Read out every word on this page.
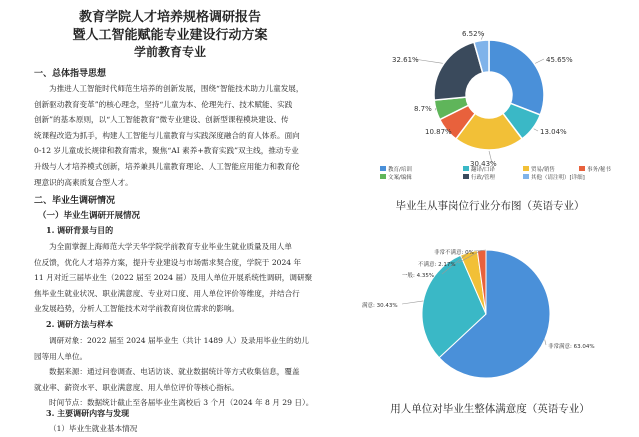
教育学院人才培养规格调研报告
暨人工智能赋能专业建设行动方案
学前教育专业
一、总体指导思想
为推进人工智能时代师范生培养的创新发展，围绕“智能技术助力儿童发展，
创新驱动教育变革”的核心理念，坚持“儿童为本、伦理先行、技术赋能、实践
创新”的基本原则，以“人工智能教育”微专业建设、创新型课程模块建设、传
统课程改造为抓手，构建人工智能与儿童教育与实践深度融合的育人体系。面向
0-12 岁儿童成长规律和教育需求，聚焦“AI 素养+教育实践”双主线，推动专业
升级与人才培养模式创新，培养兼具儿童教育理论、人工智能应用能力和教育伦
理意识的高素质复合型人才。
二、毕业生调研情况
（一）毕业生调研开展情况
1. 调研背景与目的
为全面掌握上海师范大学天华学院学前教育专业毕业生就业质量及用人单
位反馈，优化人才培养方案，提升专业建设与市场需求契合度，学院于 2024 年
11 月对近三届毕业生（2022 届至 2024 届）及用人单位开展系统性调研，调研聚
焦毕业生就业状况、职业满意度、专业对口度、用人单位评价等维度，并结合行
业发展趋势，分析人工智能技术对学前教育岗位需求的影响。
2. 调研方法与样本
调研对象：2022 届至 2024 届毕业生（共计 1489 人）及录用毕业生的幼儿
园等用人单位。
数据来源：通过问卷调查、电话访谈、就业数据统计等方式收集信息，覆盖
就业率、薪资水平、职业满意度、用人单位评价等核心指标。
时间节点：数据统计截止至各届毕业生离校后 3 个月（2024 年 8 月 29 日）。
3. 主要调研内容与发现
（1）毕业生就业基本情况
45.65%
13.04%
30.43%
10.87%
8.7%
32.61%
6.52%
教育/培训	翻译/口译	贸易/销售	事务/秘书
文案/编辑	行政/管理	其他（请注明）[详细]
非常满意: 63.04%
满意: 30.43%
一般: 4.35%
不满意: 2.17%
非常不满意: 0%
毕业生从事岗位行业分布图（英语专业）
用人单位对毕业生整体满意度（英语专业）
